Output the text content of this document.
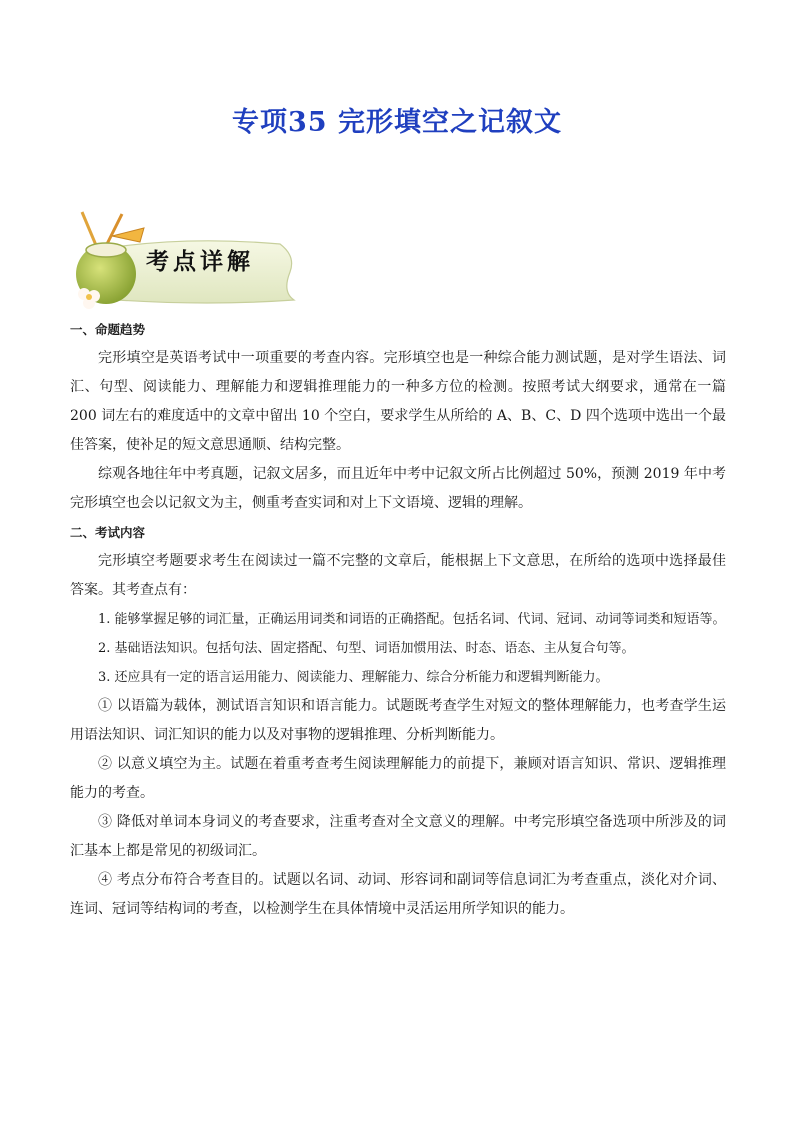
专项35 完形填空之记叙文
考点详解
一、命题趋势

完形填空是英语考试中一项重要的考查内容。完形填空也是一种综合能力测试题，是对学生语法、词汇、句型、阅读能力、理解能力和逻辑推理能力的一种多方位的检测。按照考试大纲要求，通常在一篇 200 词左右的难度适中的文章中留出 10 个空白，要求学生从所给的 A、B、C、D 四个选项中选出一个最佳答案，使补足的短文意思通顺、结构完整。

综观各地往年中考真题，记叙文居多，而且近年中考中记叙文所占比例超过 50%，预测 2019 年中考完形填空也会以记叙文为主，侧重考查实词和对上下文语境、逻辑的理解。

二、考试内容

完形填空考题要求考生在阅读过一篇不完整的文章后，能根据上下文意思，在所给的选项中选择最佳答案。其考查点有：

1. 能够掌握足够的词汇量，正确运用词类和词语的正确搭配。包括名词、代词、冠词、动词等词类和短语等。

2. 基础语法知识。包括句法、固定搭配、句型、词语加惯用法、时态、语态、主从复合句等。

3. 还应具有一定的语言运用能力、阅读能力、理解能力、综合分析能力和逻辑判断能力。

① 以语篇为载体，测试语言知识和语言能力。试题既考查学生对短文的整体理解能力，也考查学生运用语法知识、词汇知识的能力以及对事物的逻辑推理、分析判断能力。

② 以意义填空为主。试题在着重考查考生阅读理解能力的前提下，兼顾对语言知识、常识、逻辑推理能力的考查。

③ 降低对单词本身词义的考查要求，注重考查对全文意义的理解。中考完形填空备选项中所涉及的词汇基本上都是常见的初级词汇。

④ 考点分布符合考查目的。试题以名词、动词、形容词和副词等信息词汇为考查重点，淡化对介词、连词、冠词等结构词的考查，以检测学生在具体情境中灵活运用所学知识的能力。
